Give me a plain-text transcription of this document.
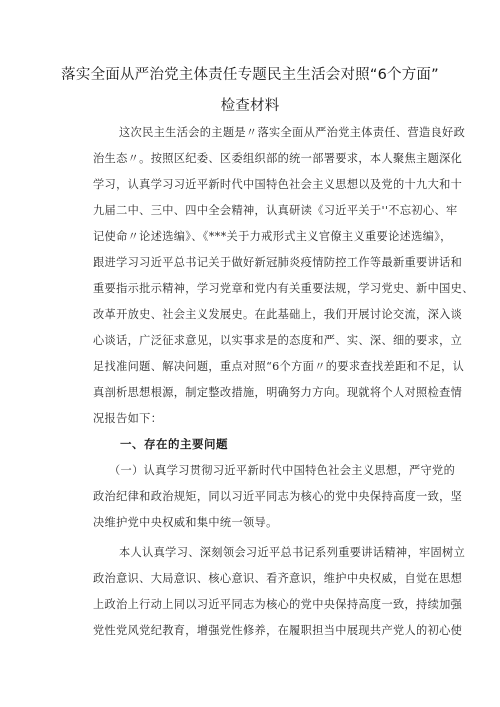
落实全面从严治党主体责任专题民主生活会对照“6个方面”
检查材料
这次民主生活会的主题是〃落实全面从严治党主体责任、营造良好政
治生态〃。按照区纪委、区委组织部的统一部署要求，本人聚焦主题深化
学习，认真学习习近平新时代中国特色社会主义思想以及党的十九大和十
九届二中、三中、四中全会精神，认真研读《习近平关于''不忘初心、牢
记使命〃论述选编》、《***关于力戒形式主义官僚主义重要论述选编》，
跟进学习习近平总书记关于做好新冠肺炎疫情防控工作等最新重要讲话和
重要指示批示精神，学习党章和党内有关重要法规，学习党史、新中国史、
改革开放史、社会主义发展史。在此基础上，我们开展讨论交流，深入谈
心谈话，广泛征求意见，以实事求是的态度和严、实、深、细的要求，立
足找准问题、解决问题，重点对照“6个方面〃的要求查找差距和不足，认
真剖析思想根源，制定整改措施，明确努力方向。现就将个人对照检查情
况报告如下：
一、存在的主要问题
（一）认真学习贯彻习近平新时代中国特色社会主义思想，严守党的
政治纪律和政治规矩，同以习近平同志为核心的党中央保持高度一致，坚
决维护党中央权威和集中统一领导。
本人认真学习、深刻领会习近平总书记系列重要讲话精神，牢固树立
政治意识、大局意识、核心意识、看齐意识，维护中央权威，自觉在思想
上政治上行动上同以习近平同志为核心的党中央保持高度一致，持续加强
党性党风党纪教育，增强党性修养，在履职担当中展现共产党人的初心使
